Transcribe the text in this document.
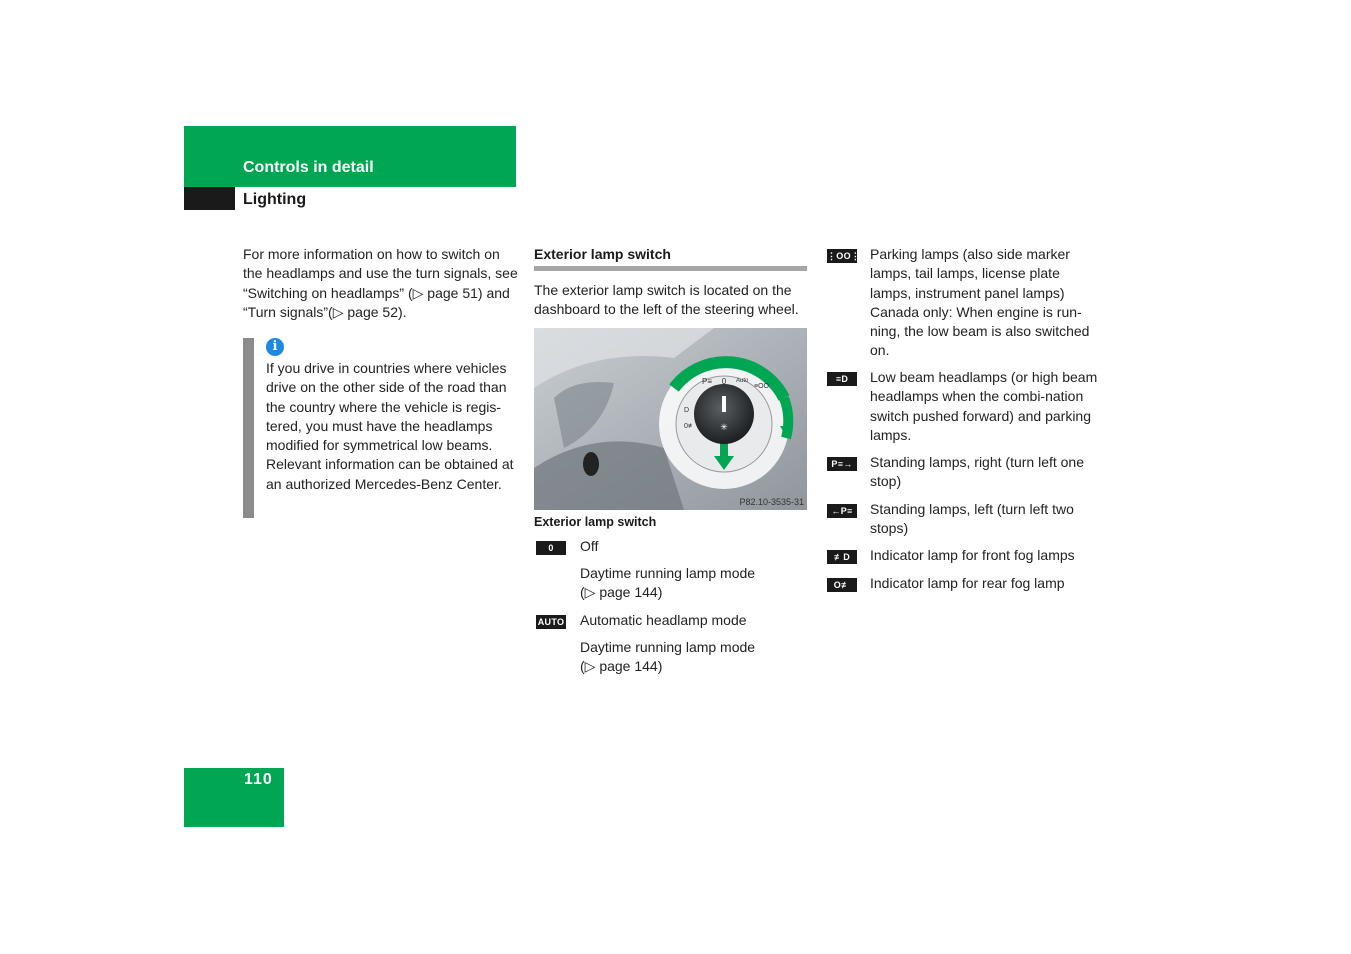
Controls in detail
Lighting
For more information on how to switch on the headlamps and use the turn signals, see “Switching on headlamps” (▷ page 51) and “Turn signals”(▷ page 52).
i
If you drive in countries where vehicles drive on the other side of the road than the country where the vehicle is regis-tered, you must have the headlamps modified for symmetrical low beams. Relevant information can be obtained at an authorized Mercedes-Benz Center.
Exterior lamp switch
The exterior lamp switch is located on the dashboard to the left of the steering wheel.
✳
P≡ 0 Auto
≡OO
D
0≢
P82.10-3535-31
Exterior lamp switch
0	Off
Daytime running lamp mode
(▷ page 144)
AUTO Automatic headlamp mode
Daytime running lamp mode
(▷ page 144)
⋮OO⋮ Parking lamps (also side marker lamps, tail lamps, license plate lamps, instrument panel lamps) Canada only: When engine is run-ning, the low beam is also switched on.
≡D	Low beam headlamps (or high beam headlamps when the combi-nation switch pushed forward) and parking lamps.
P≡→	Standing lamps, right (turn left one stop)
←P≡	Standing lamps, left (turn left two stops)
≢D	Indicator lamp for front fog lamps
O≢	Indicator lamp for rear fog lamp
110
